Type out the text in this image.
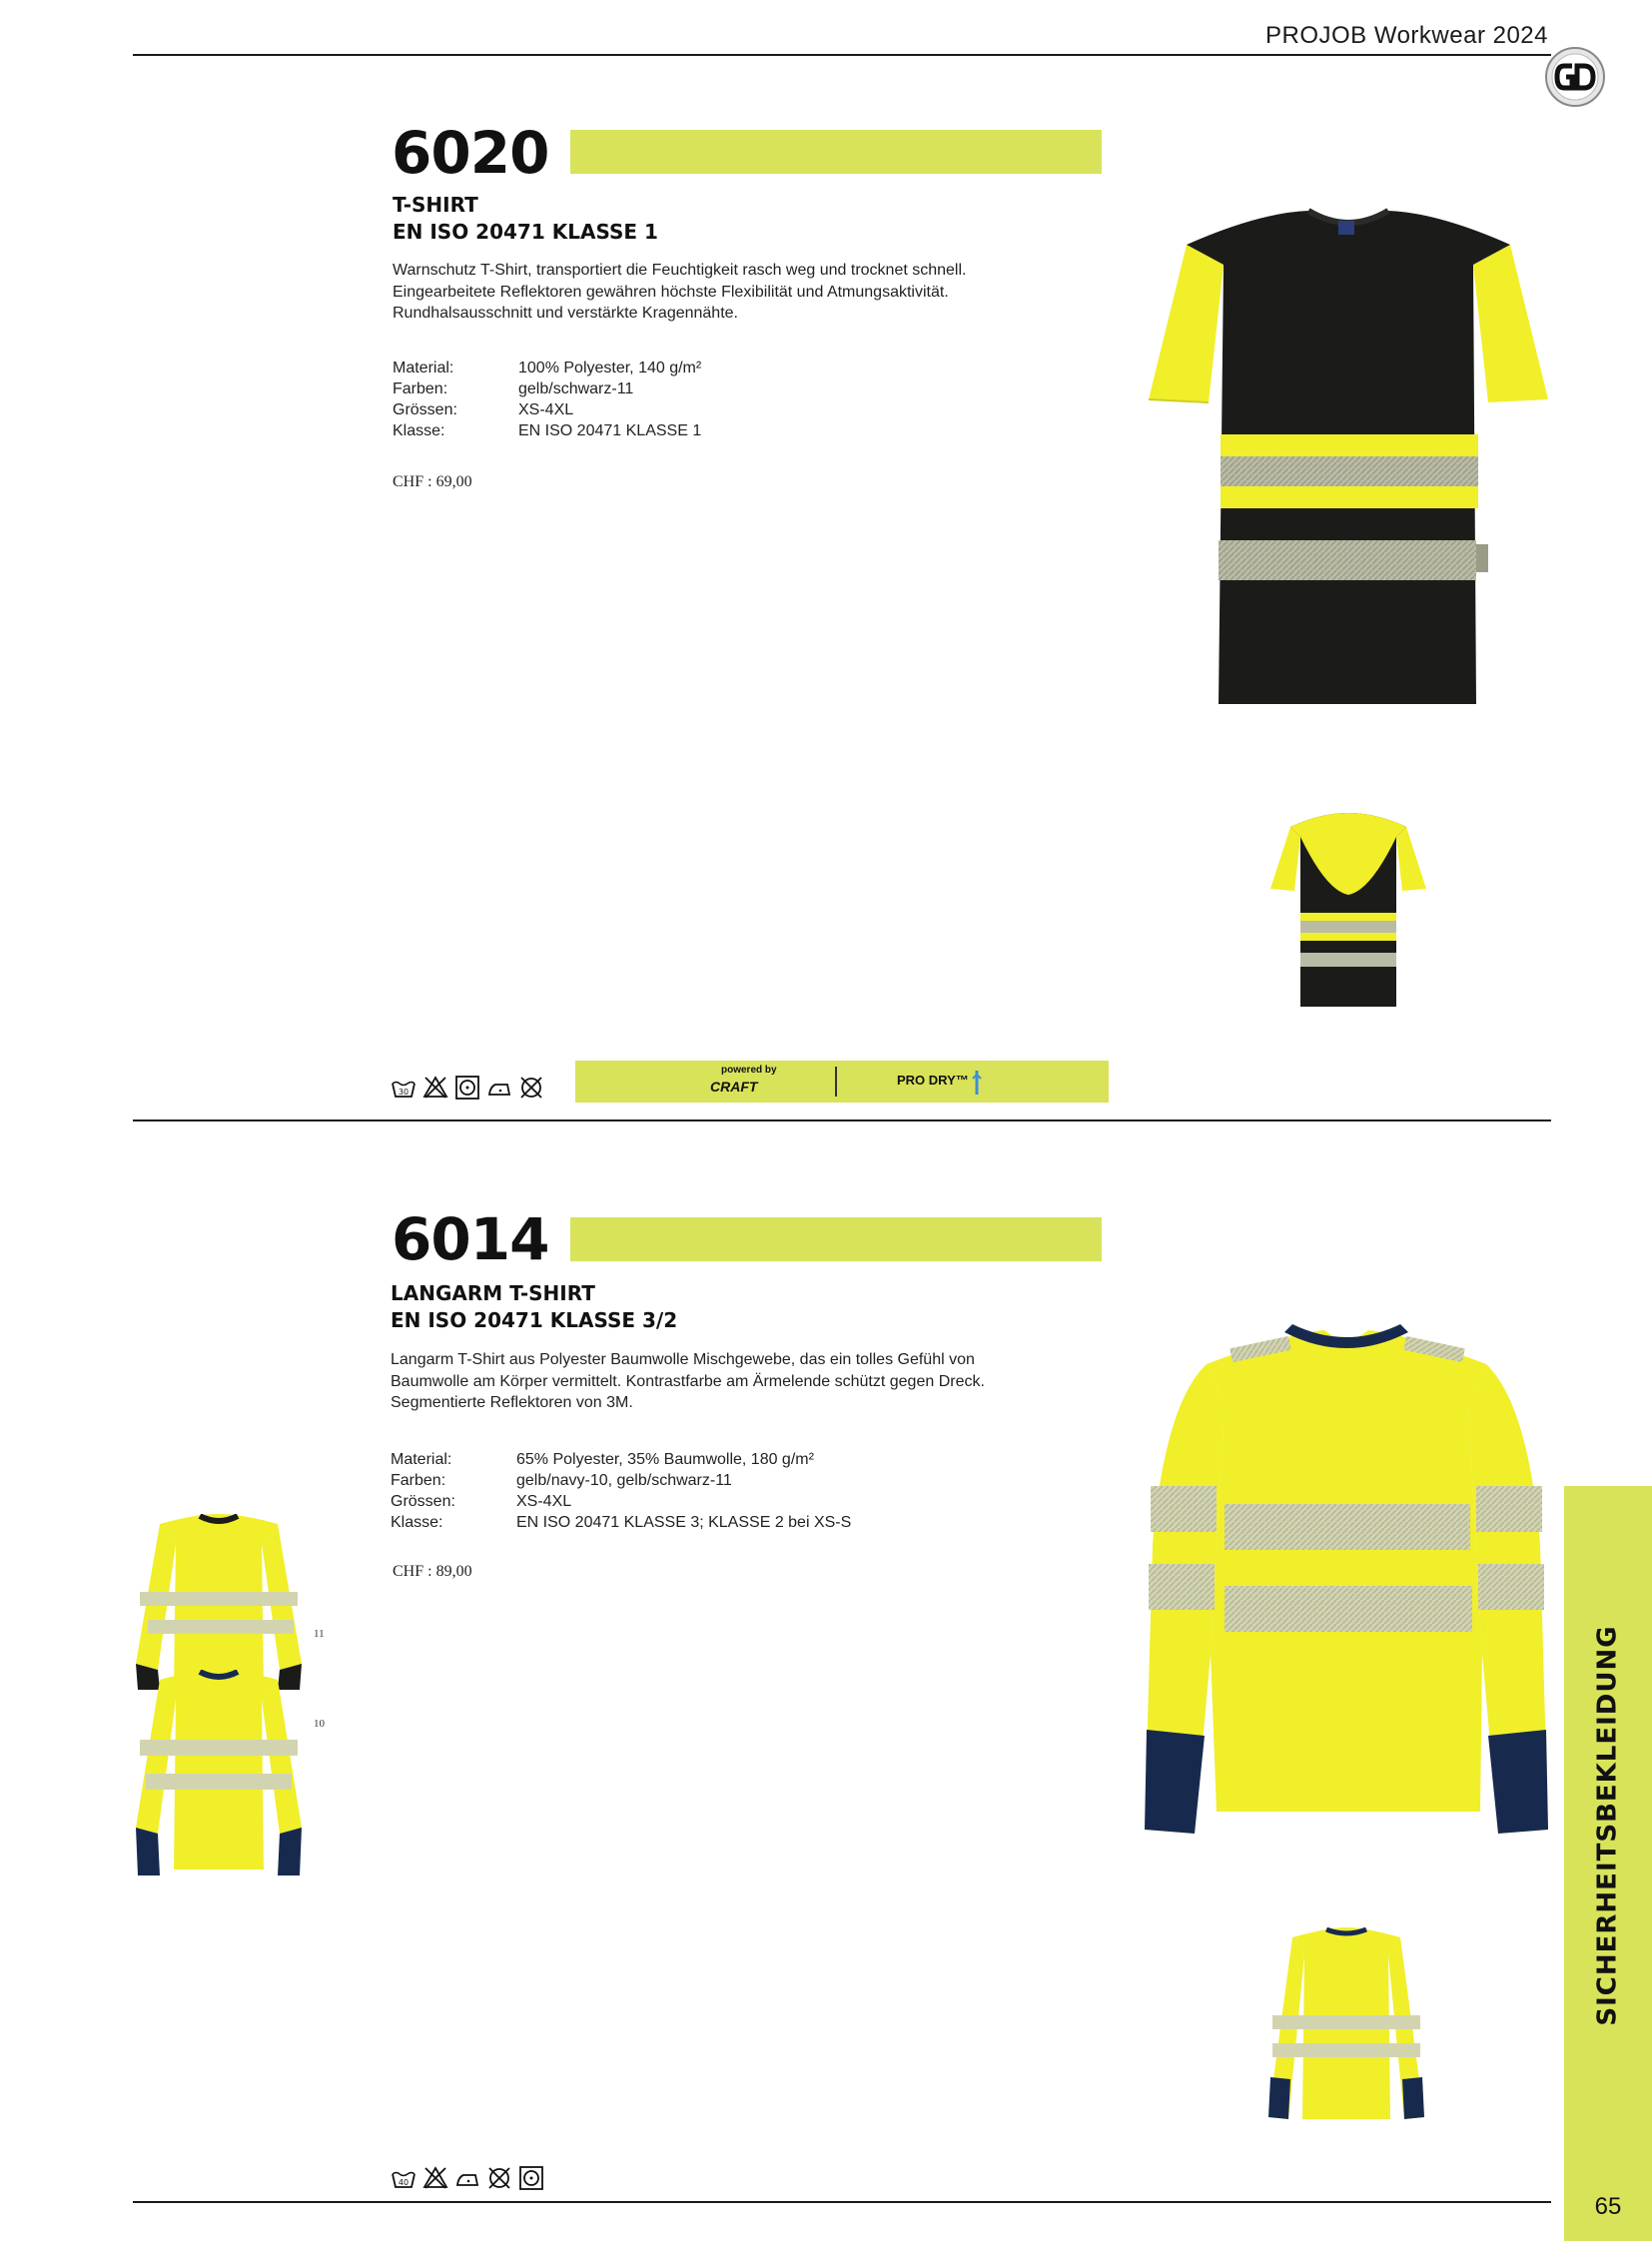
PROJOB Workwear 2024
6020
T-SHIRT
EN ISO 20471 KLASSE 1
Warnschutz T-Shirt, transportiert die Feuchtigkeit rasch weg und trocknet schnell.
Eingearbeitete Reflektoren gewähren höchste Flexibilität und Atmungsaktivität.
Rundhalsausschnitt und verstärkte Kragennähte.
Material:	100% Polyester, 140 g/m²
Farben:	gelb/schwarz-11
Grössen:	XS-4XL
Klasse:	EN ISO 20471 KLASSE 1
CHF : 69,00
30
powered by
CRAFT	PRO DRY™
6014
LANGARM T-SHIRT
EN ISO 20471 KLASSE 3/2
Langarm T-Shirt aus Polyester Baumwolle Mischgewebe, das ein tolles Gefühl von
Baumwolle am Körper vermittelt. Kontrastfarbe am Ärmelende schützt gegen Dreck.
Segmentierte Reflektoren von 3M.
Material:	65% Polyester, 35% Baumwolle, 180 g/m²
Farben:	gelb/navy-10, gelb/schwarz-11
Grössen:	XS-4XL
Klasse:	EN ISO 20471 KLASSE 3; KLASSE 2 bei XS-S
CHF : 89,00
11
10
40
SICHERHEITSBEKLEIDUNG
65
